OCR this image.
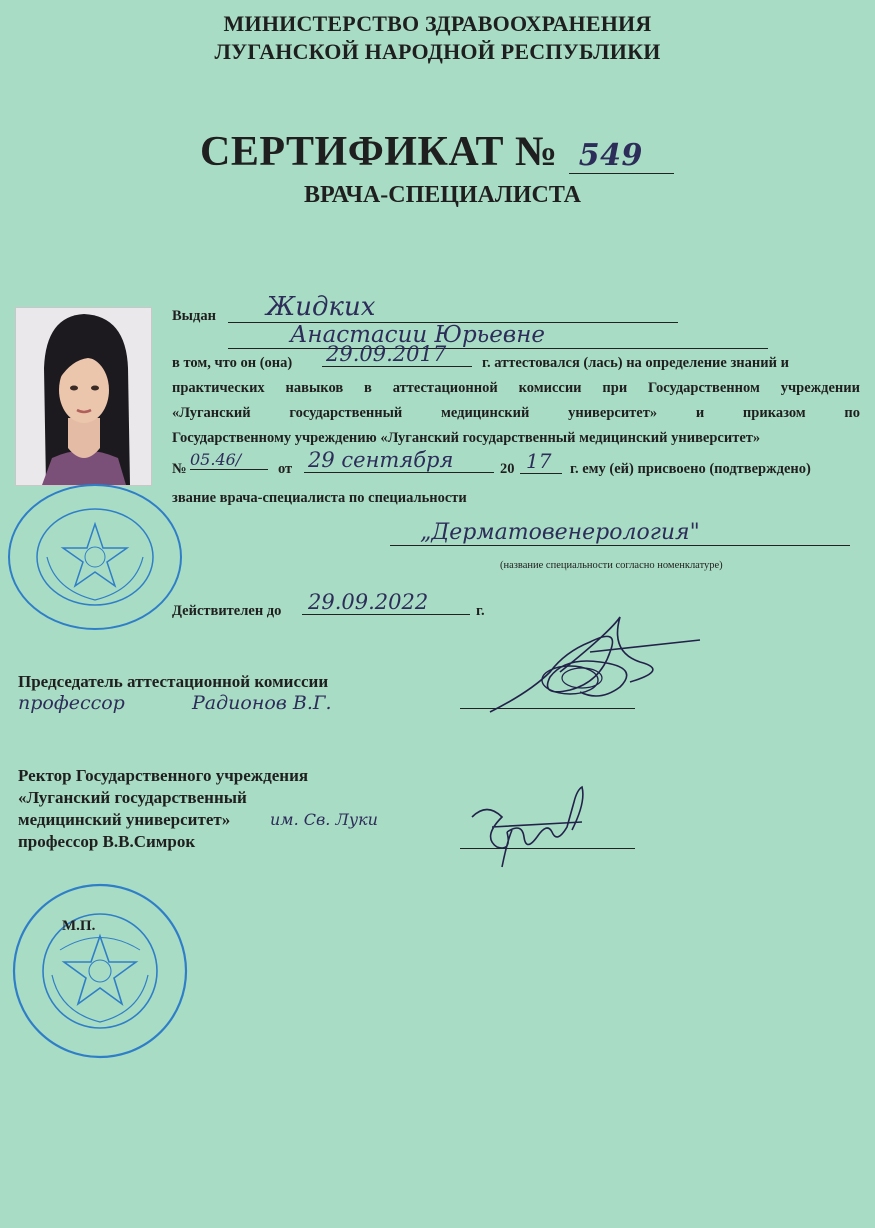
МИНИСТЕРСТВО ЗДРАВООХРАНЕНИЯ
ЛУГАНСКОЙ НАРОДНОЙ РЕСПУБЛИКИ
СЕРТИФИКАТ № 549
ВРАЧА-СПЕЦИАЛИСТА
Выдан	Жидких
Анастасии Юрьевне
в том, что он (она) 29.09.2017	г. аттестовался (лась) на определение знаний и
практических навыков в аттестационной комиссии при Государственном учреждении
«Луганский государственный медицинский университет» и приказом по
Государственному учреждению «Луганский государственный медицинский университет»
№ 05.46/	от 29 сентября	20 17	г. ему (ей) присвоено (подтверждено)
звание врача-специалиста по специальности
„Дерматовенерология"
(название специальности согласно номенклатуре)
Действителен до 29.09.2022	г.
Председатель аттестационной комиссии
профессор	Радионов В.Г.
Ректор Государственного учреждения
«Луганский государственный
медицинский университет» им. Св. Луки
профессор В.В.Симрок
М.П.
